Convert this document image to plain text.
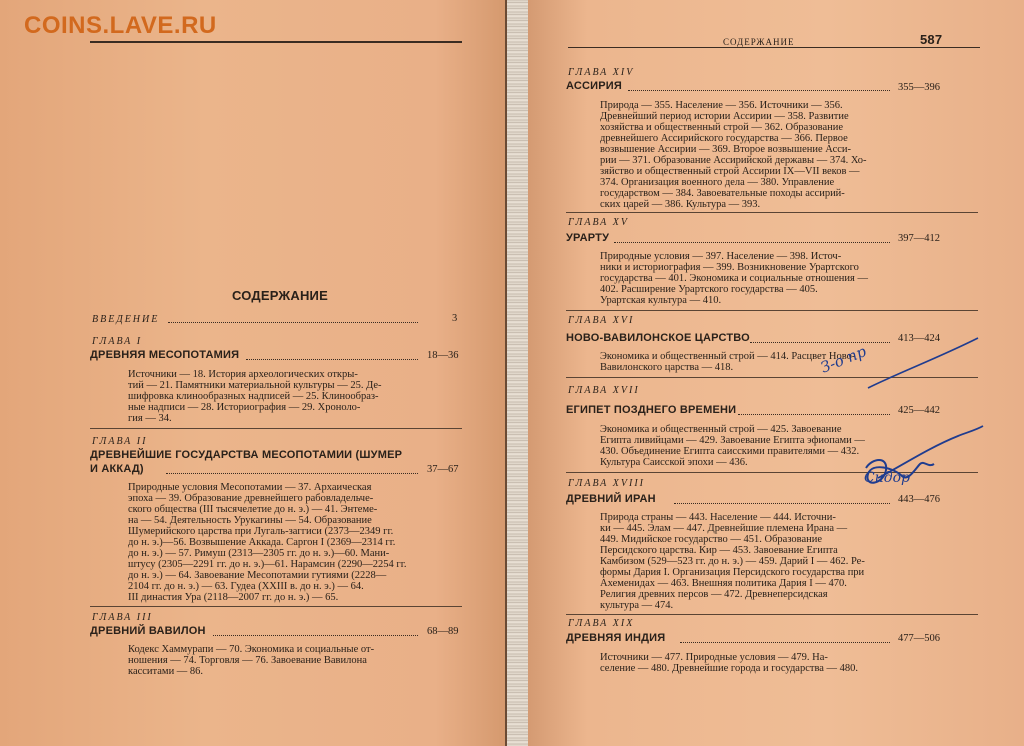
COINS.LAVE.RU
СОДЕРЖАНИЕ
ВВЕДЕНИЕ	3
ГЛАВА I
ДРЕВНЯЯ МЕСОПОТАМИЯ	18—36
Источники — 18. История археологических откры-
тий — 21. Памятники материальной культуры — 25. Де-
шифровка клинообразных надписей — 25. Клинообраз-
ные надписи — 28. Историография — 29. Хроноло-
гия — 34.
ГЛАВА II
ДРЕВНЕЙШИЕ ГОСУДАРСТВА МЕСОПОТАМИИ (ШУМЕР
И АККАД)	37—67
Природные условия Месопотамии — 37. Архаическая
эпоха — 39. Образование древнейшего рабовладельче-
ского общества (III тысячелетие до н. э.) — 41. Энтеме-
на — 54. Деятельность Урукагины — 54. Образование
Шумерийского царства при Лугаль-заггиси (2373—2349 гг.
до н. э.)—56. Возвышение Аккада. Саргон I (2369—2314 гг.
до н. э.) — 57. Римуш (2313—2305 гг. до н. э.)—60. Мани-
штусу (2305—2291 гг. до н. э.)—61. Нарамсин (2290—2254 гг.
до н. э.) — 64. Завоевание Месопотамии гутиями (2228—
2104 гг. до н. э.) — 63. Гудеа (XXIII в. до н. э.) — 64.
III династия Ура (2118—2007 гг. до н. э.) — 65.
ГЛАВА III
ДРЕВНИЙ ВАВИЛОН	68—89
Кодекс Хаммурапи — 70. Экономика и социальные от-
ношения — 74. Торговля — 76. Завоевание Вавилона
касситами — 86.
СОДЕРЖАНИЕ	587
ГЛАВА XIV
АССИРИЯ	355—396
Природа — 355. Население — 356. Источники — 356.
Древнейший период истории Ассирии — 358. Развитие
хозяйства и общественный строй — 362. Образование
древнейшего Ассирийского государства — 366. Первое
возвышение Ассирии — 369. Второе возвышение Асси-
рии — 371. Образование Ассирийской державы — 374. Хо-
зяйство и общественный строй Ассирии IX—VII веков —
374. Организация военного дела — 380. Управление
государством — 384. Завоевательные походы ассирий-
ских царей — 386. Культура — 393.
ГЛАВА XV
УРАРТУ	397—412
Природные условия — 397. Население — 398. Источ-
ники и историография — 399. Возникновение Урартского
государства — 401. Экономика и социальные отношения —
402. Расширение Урартского государства — 405.
Урартская культура — 410.
ГЛАВА XVI
НОВО-ВАВИЛОНСКОЕ ЦАРСТВО	413—424
Экономика и общественный строй — 414. Расцвет Ново-
Вавилонского царства — 418.
ГЛАВА XVII
ЕГИПЕТ ПОЗДНЕГО ВРЕМЕНИ	425—442
Экономика и общественный строй — 425. Завоевание
Египта ливийцами — 429. Завоевание Египта эфиопами —
430. Объединение Египта саисскими правителями — 432.
Культура Саисской эпохи — 436.
ГЛАВА XVIII
ДРЕВНИЙ ИРАН	443—476
Природа страны — 443. Население — 444. Источни-
ки — 445. Элам — 447. Древнейшие племена Ирана —
449. Мидийское государство — 451. Образование
Персидского царства. Кир — 453. Завоевание Египта
Камбизом (529—523 гг. до н. э.) — 459. Дарий I — 462. Ре-
формы Дария I. Организация Персидского государства при
Ахеменидах — 463. Внешняя политика Дария I — 470.
Религия древних персов — 472. Древнеперсидская
культура — 474.
ГЛАВА XIX
ДРЕВНЯЯ ИНДИЯ	477—506
Источники — 477. Природные условия — 479. На-
селение — 480. Древнейшие города и государства — 480.
З-о пр
Сидор
